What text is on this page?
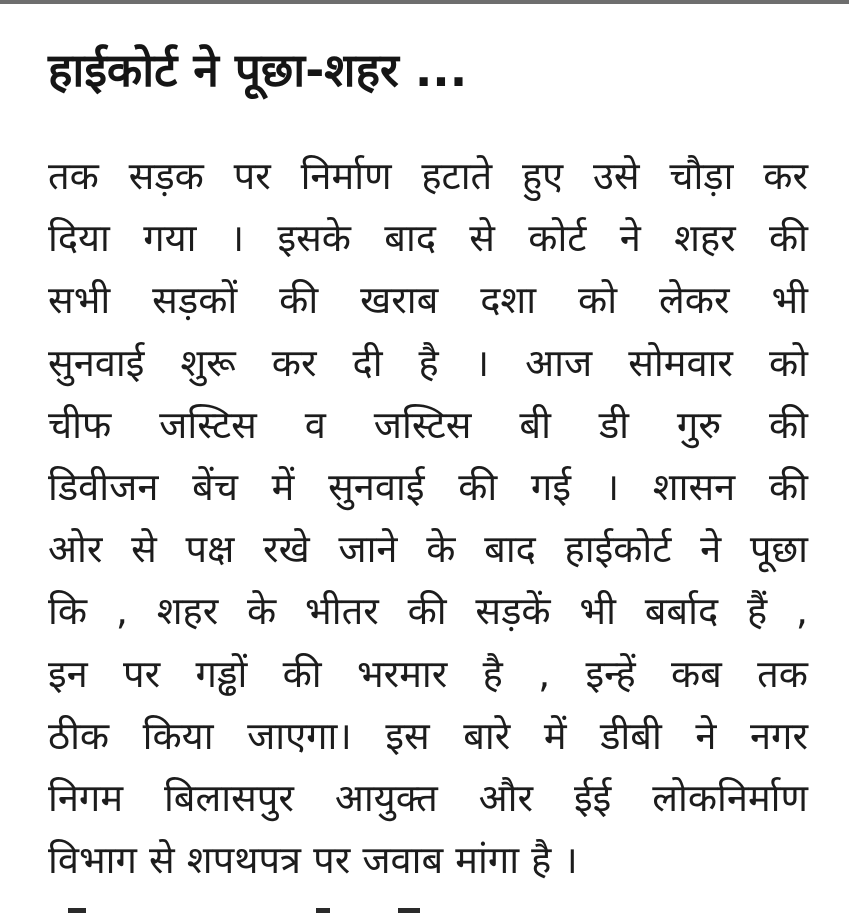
हाईकोर्ट ने पूछा-शहर ...
तक सड़क पर निर्माण हटाते हुए उसे चौड़ा कर
दिया गया । इसके बाद से कोर्ट ने शहर की
सभी सड़कों की खराब दशा को लेकर भी
सुनवाई शुरू कर दी है । आज सोमवार को
चीफ जस्टिस व जस्टिस बी डी गुरु की
डिवीजन बेंच में सुनवाई की गई । शासन की
ओर से पक्ष रखे जाने के बाद हाईकोर्ट ने पूछा
कि , शहर के भीतर की सड़कें भी बर्बाद हैं ,
इन पर गड्ढों की भरमार है , इन्हें कब तक
ठीक किया जाएगा। इस बारे में डीबी ने नगर
निगम बिलासपुर आयुक्त और ईई लोकनिर्माण
विभाग से शपथपत्र पर जवाब मांगा है ।
